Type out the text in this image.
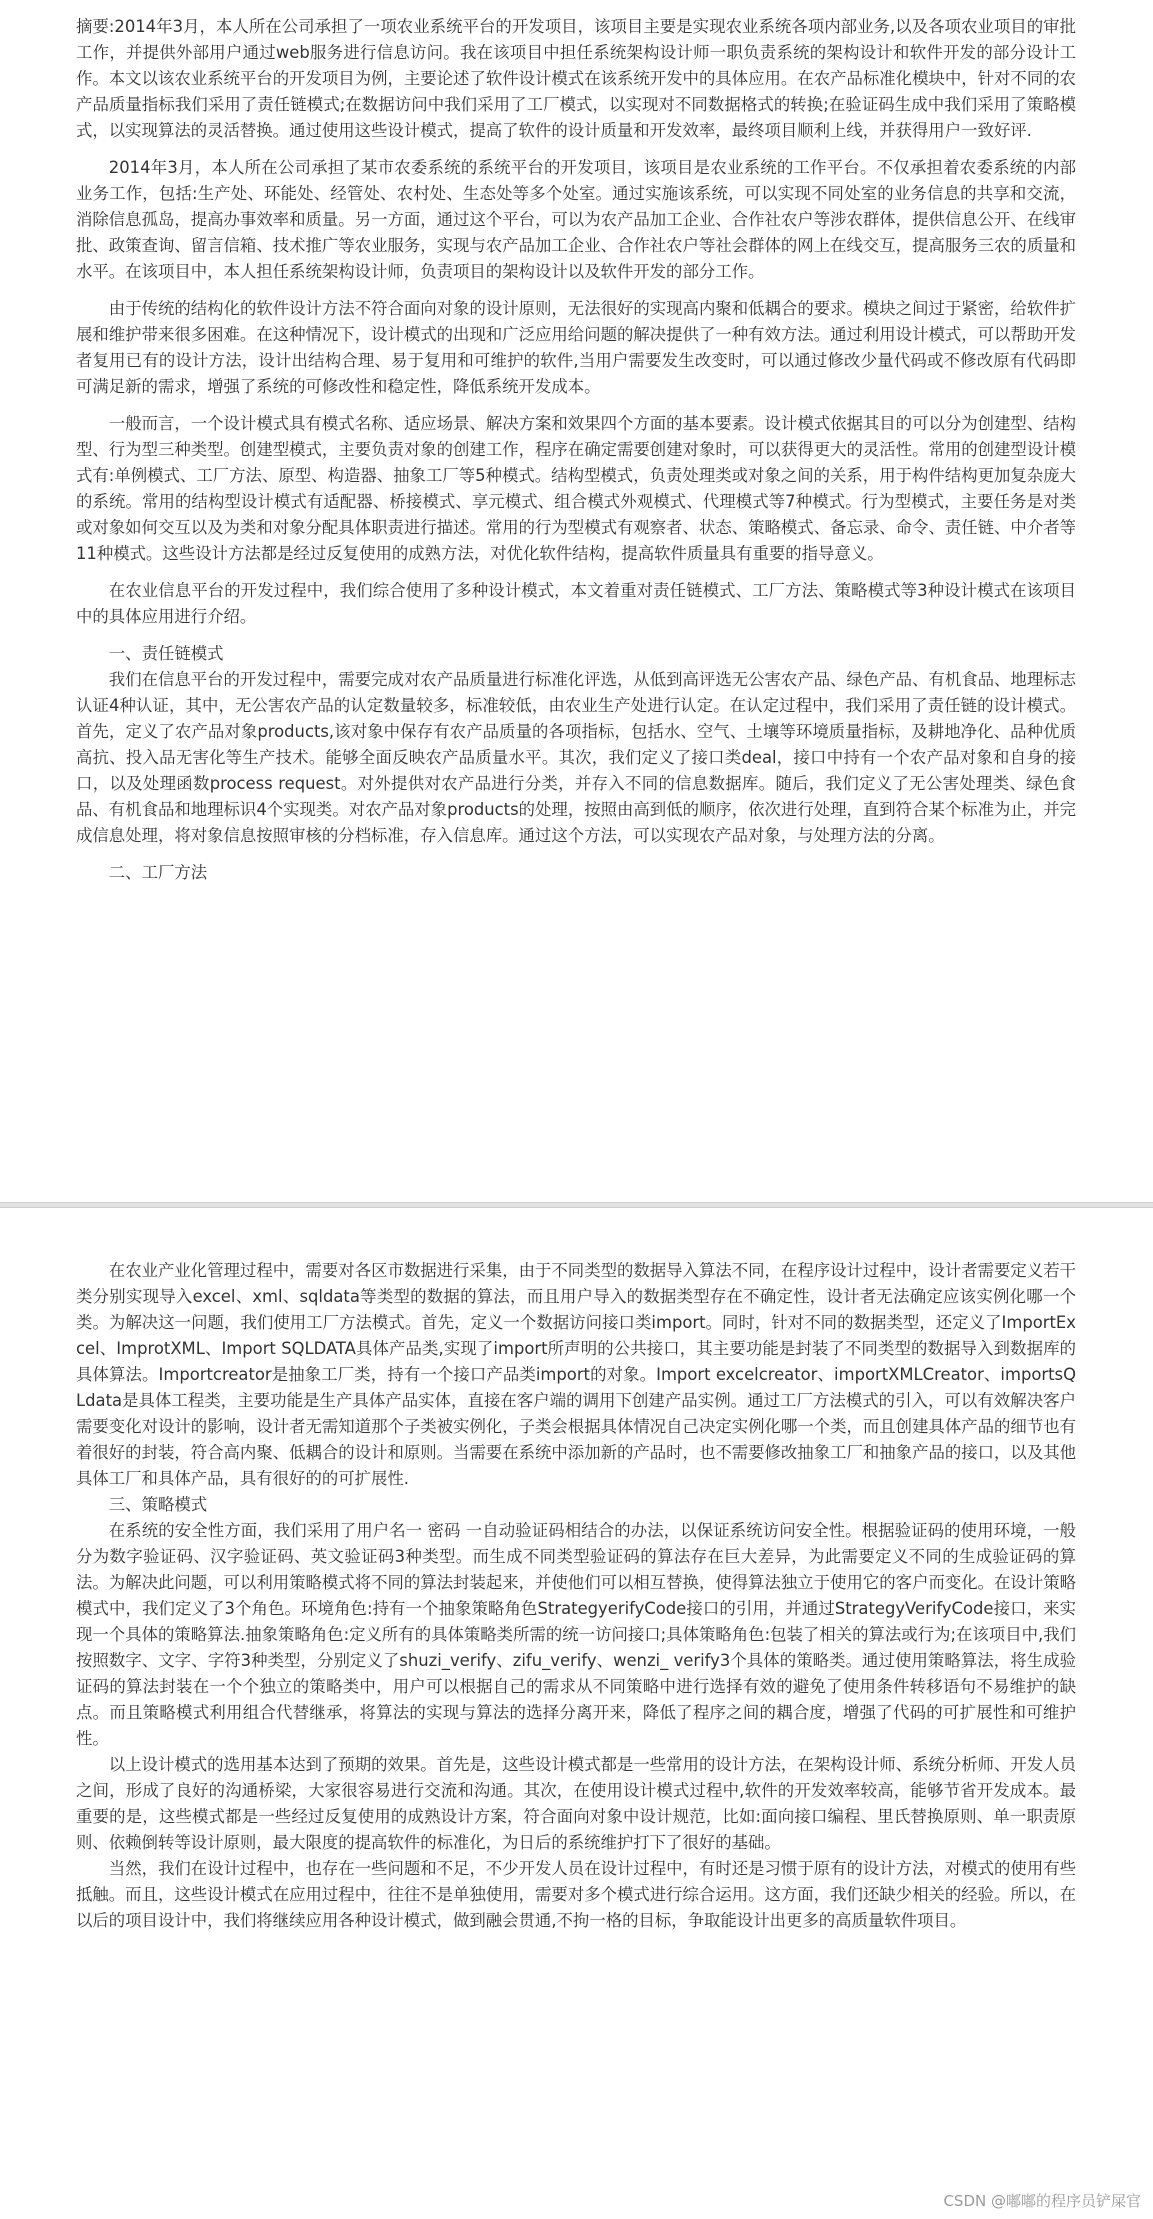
摘要:2014年3月，本人所在公司承担了一项农业系统平台的开发项目，该项目主要是实现农业系统各项内部业务,以及各项农业项目的审批工作，并提供外部用户通过web服务进行信息访问。我在该项目中担任系统架构设计师一职负责系统的架构设计和软件开发的部分设计工作。本文以该农业系统平台的开发项目为例，主要论述了软件设计模式在该系统开发中的具体应用。在农产品标准化模块中，针对不同的农产品质量指标我们采用了责任链模式;在数据访问中我们采用了工厂模式，以实现对不同数据格式的转换;在验证码生成中我们采用了策略模式，以实现算法的灵活替换。通过使用这些设计模式，提高了软件的设计质量和开发效率，最终项目顺利上线，并获得用户一致好评.

2014年3月，本人所在公司承担了某市农委系统的系统平台的开发项目，该项目是农业系统的工作平台。不仅承担着农委系统的内部业务工作，包括:生产处、环能处、经管处、农村处、生态处等多个处室。通过实施该系统，可以实现不同处室的业务信息的共享和交流，消除信息孤岛，提高办事效率和质量。另一方面，通过这个平台，可以为农产品加工企业、合作社农户等涉农群体，提供信息公开、在线审批、政策查询、留言信箱、技术推广等农业服务，实现与农产品加工企业、合作社农户等社会群体的网上在线交互，提高服务三农的质量和水平。在该项目中，本人担任系统架构设计师，负责项目的架构设计以及软件开发的部分工作。

由于传统的结构化的软件设计方法不符合面向对象的设计原则，无法很好的实现高内聚和低耦合的要求。模块之间过于紧密，给软件扩展和维护带来很多困难。在这种情况下，设计模式的出现和广泛应用给问题的解决提供了一种有效方法。通过利用设计模式，可以帮助开发者复用已有的设计方法，设计出结构合理、易于复用和可维护的软件,当用户需要发生改变时，可以通过修改少量代码或不修改原有代码即可满足新的需求，增强了系统的可修改性和稳定性，降低系统开发成本。

一般而言，一个设计模式具有模式名称、适应场景、解决方案和效果四个方面的基本要素。设计模式依据其目的可以分为创建型、结构型、行为型三种类型。创建型模式，主要负责对象的创建工作，程序在确定需要创建对象时，可以获得更大的灵活性。常用的创建型设计模式有:单例模式、工厂方法、原型、构造器、抽象工厂等5种模式。结构型模式，负责处理类或对象之间的关系，用于构件结构更加复杂庞大的系统。常用的结构型设计模式有适配器、桥接模式、享元模式、组合模式外观模式、代理模式等7种模式。行为型模式，主要任务是对类或对象如何交互以及为类和对象分配具体职责进行描述。常用的行为型模式有观察者、状态、策略模式、备忘录、命令、责任链、中介者等11种模式。这些设计方法都是经过反复使用的成熟方法，对优化软件结构，提高软件质量具有重要的指导意义。

在农业信息平台的开发过程中，我们综合使用了多种设计模式，本文着重对责任链模式、工厂方法、策略模式等3种设计模式在该项目中的具体应用进行介绍。

一、责任链模式

我们在信息平台的开发过程中，需要完成对农产品质量进行标准化评选，从低到高评选无公害农产品、绿色产品、有机食品、地理标志认证4种认证，其中，无公害农产品的认定数量较多，标准较低，由农业生产处进行认定。在认定过程中，我们采用了责任链的设计模式。首先，定义了农产品对象products,该对象中保存有农产品质量的各项指标，包括水、空气、土壤等环境质量指标，及耕地净化、品种优质高抗、投入品无害化等生产技术。能够全面反映农产品质量水平。其次，我们定义了接口类deal，接口中持有一个农产品对象和自身的接口，以及处理函数process request。对外提供对农产品进行分类，并存入不同的信息数据库。随后，我们定义了无公害处理类、绿色食品、有机食品和地理标识4个实现类。对农产品对象products的处理，按照由高到低的顺序，依次进行处理，直到符合某个标准为止，并完成信息处理，将对象信息按照审核的分档标准，存入信息库。通过这个方法，可以实现农产品对象，与处理方法的分离。

二、工厂方法

在农业产业化管理过程中，需要对各区市数据进行采集，由于不同类型的数据导入算法不同，在程序设计过程中，设计者需要定义若干类分别实现导入excel、xml、sqldata等类型的数据的算法，而且用户导入的数据类型存在不确定性，设计者无法确定应该实例化哪一个类。为解决这一问题，我们使用工厂方法模式。首先，定义一个数据访问接口类import。同时，针对不同的数据类型，还定义了ImportExcel、ImprotXML、Import SQLDATA具体产品类,实现了import所声明的公共接口，其主要功能是封装了不同类型的数据导入到数据库的具体算法。Importcreator是抽象工厂类，持有一个接口产品类import的对象。Import excelcreator、importXMLCreator、importsQLdata是具体工程类，主要功能是生产具体产品实体，直接在客户端的调用下创建产品实例。通过工厂方法模式的引入，可以有效解决客户需要变化对设计的影响，设计者无需知道那个子类被实例化，子类会根据具体情况自己决定实例化哪一个类，而且创建具体产品的细节也有着很好的封装，符合高内聚、低耦合的设计和原则。当需要在系统中添加新的产品时，也不需要修改抽象工厂和抽象产品的接口，以及其他具体工厂和具体产品，具有很好的的可扩展性.

三、策略模式

在系统的安全性方面，我们采用了用户名一 密码 一自动验证码相结合的办法，以保证系统访问安全性。根据验证码的使用环境，一般分为数字验证码、汉字验证码、英文验证码3种类型。而生成不同类型验证码的算法存在巨大差异，为此需要定义不同的生成验证码的算法。为解决此问题，可以利用策略模式将不同的算法封装起来，并使他们可以相互替换，使得算法独立于使用它的客户而变化。在设计策略模式中，我们定义了3个角色。环境角色:持有一个抽象策略角色StrategyerifyCode接口的引用，并通过StrategyVerifyCode接口，来实现一个具体的策略算法.抽象策略角色:定义所有的具体策略类所需的统一访问接口;具体策略角色:包装了相关的算法或行为;在该项目中,我们按照数字、文字、字符3种类型，分别定义了shuzi_verify、zifu_verify、wenzi_ verify3个具体的策略类。通过使用策略算法，将生成验证码的算法封装在一个个独立的策略类中，用户可以根据自己的需求从不同策略中进行选择有效的避免了使用条件转移语句不易维护的缺点。而且策略模式利用组合代替继承，将算法的实现与算法的选择分离开来，降低了程序之间的耦合度，增强了代码的可扩展性和可维护性。

以上设计模式的选用基本达到了预期的效果。首先是，这些设计模式都是一些常用的设计方法，在架构设计师、系统分析师、开发人员之间，形成了良好的沟通桥梁，大家很容易进行交流和沟通。其次，在使用设计模式过程中,软件的开发效率较高，能够节省开发成本。最重要的是，这些模式都是一些经过反复使用的成熟设计方案，符合面向对象中设计规范，比如:面向接口编程、里氏替换原则、单一职责原则、依赖倒转等设计原则，最大限度的提高软件的标准化，为日后的系统维护打下了很好的基础。

当然，我们在设计过程中，也存在一些问题和不足，不少开发人员在设计过程中，有时还是习惯于原有的设计方法，对模式的使用有些抵触。而且，这些设计模式在应用过程中，往往不是单独使用，需要对多个模式进行综合运用。这方面，我们还缺少相关的经验。所以，在以后的项目设计中，我们将继续应用各种设计模式，做到融会贯通,不拘一格的目标，争取能设计出更多的高质量软件项目。

CSDN @嘟嘟的程序员铲屎官
